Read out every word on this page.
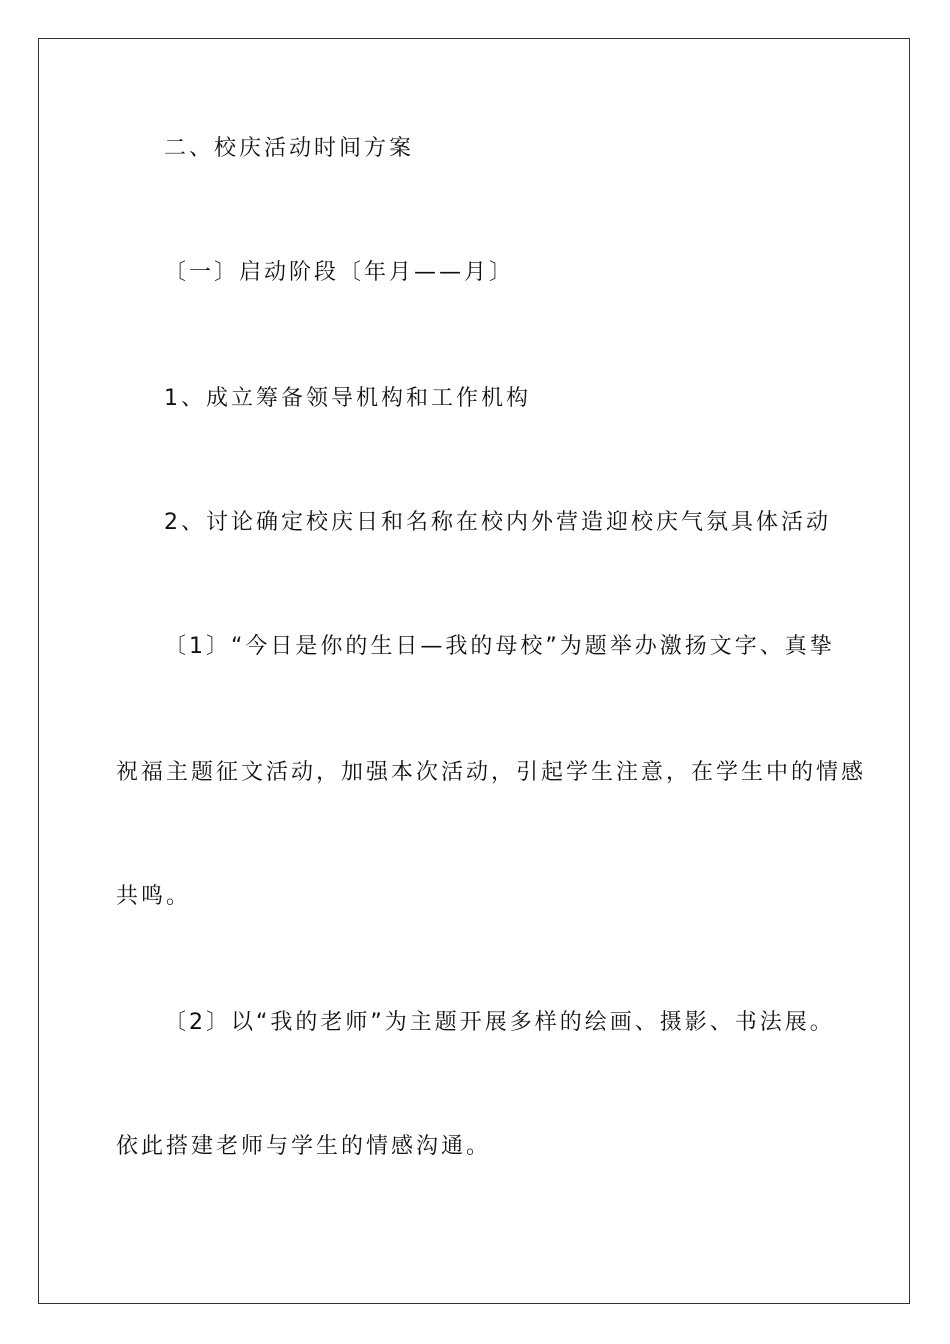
二、校庆活动时间方案
〔一〕启动阶段〔年月——月〕
1、成立筹备领导机构和工作机构
2、讨论确定校庆日和名称在校内外营造迎校庆气氛具体活动
〔1〕“今日是你的生日—我的母校”为题举办激扬文字、真挚
祝福主题征文活动，加强本次活动，引起学生注意，在学生中的情感
共鸣。
〔2〕以“我的老师”为主题开展多样的绘画、摄影、书法展。
依此搭建老师与学生的情感沟通。
